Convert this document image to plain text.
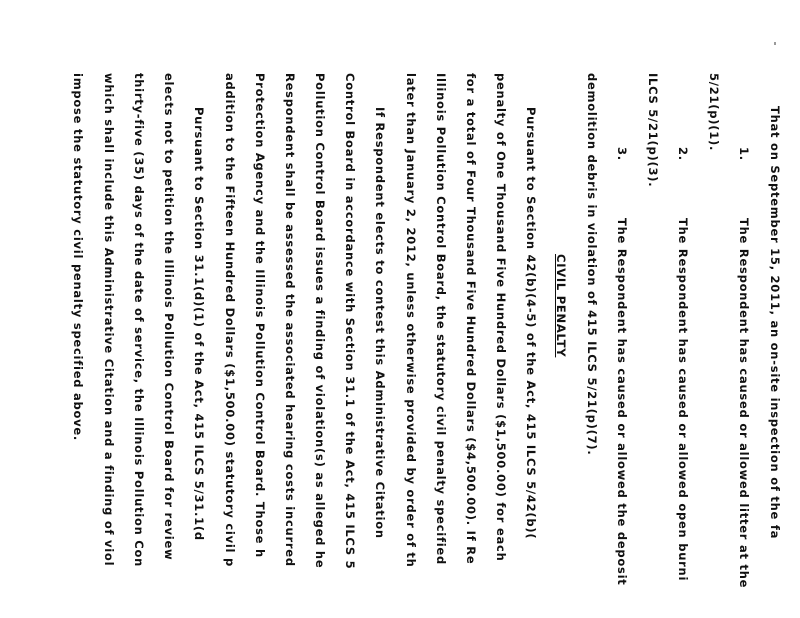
That on September 15, 2011, an on-site inspection of the fa
1.
The Respondent has caused or allowed litter at the
5/21(p)(1).
2.
The Respondent has caused or allowed open burni
ILCS 5/21(p)(3).
3.
The Respondent has caused or allowed the deposit
demolition debris in violation of 415 ILCS 5/21(p)(7).
CIVIL PENALTY
Pursuant to Section 42(b)(4-5) of the Act, 415 ILCS 5/42(b)(
penalty of One Thousand Five Hundred Dollars ($1,500.00) for each
for a total of Four Thousand Five Hundred Dollars ($4,500.00). If Re
Illinois Pollution Control Board, the statutory civil penalty specified
later than January 2, 2012, unless otherwise provided by order of th
If Respondent elects to contest this Administrative Citation
Control Board in accordance with Section 31.1 of the Act, 415 ILCS 5
Pollution Control Board issues a finding of violation(s) as alleged he
Respondent shall be assessed the associated hearing costs incurred
Protection Agency and the Illinois Pollution Control Board. Those h
addition to the Fifteen Hundred Dollars ($1,500.00) statutory civil p
Pursuant to Section 31.1(d)(1) of the Act, 415 ILCS 5/31.1(d
elects not to petition the Illinois Pollution Control Board for review
thirty-five (35) days of the date of service, the Illinois Pollution Con
which shall include this Administrative Citation and a finding of viol
impose the statutory civil penalty specified above.
